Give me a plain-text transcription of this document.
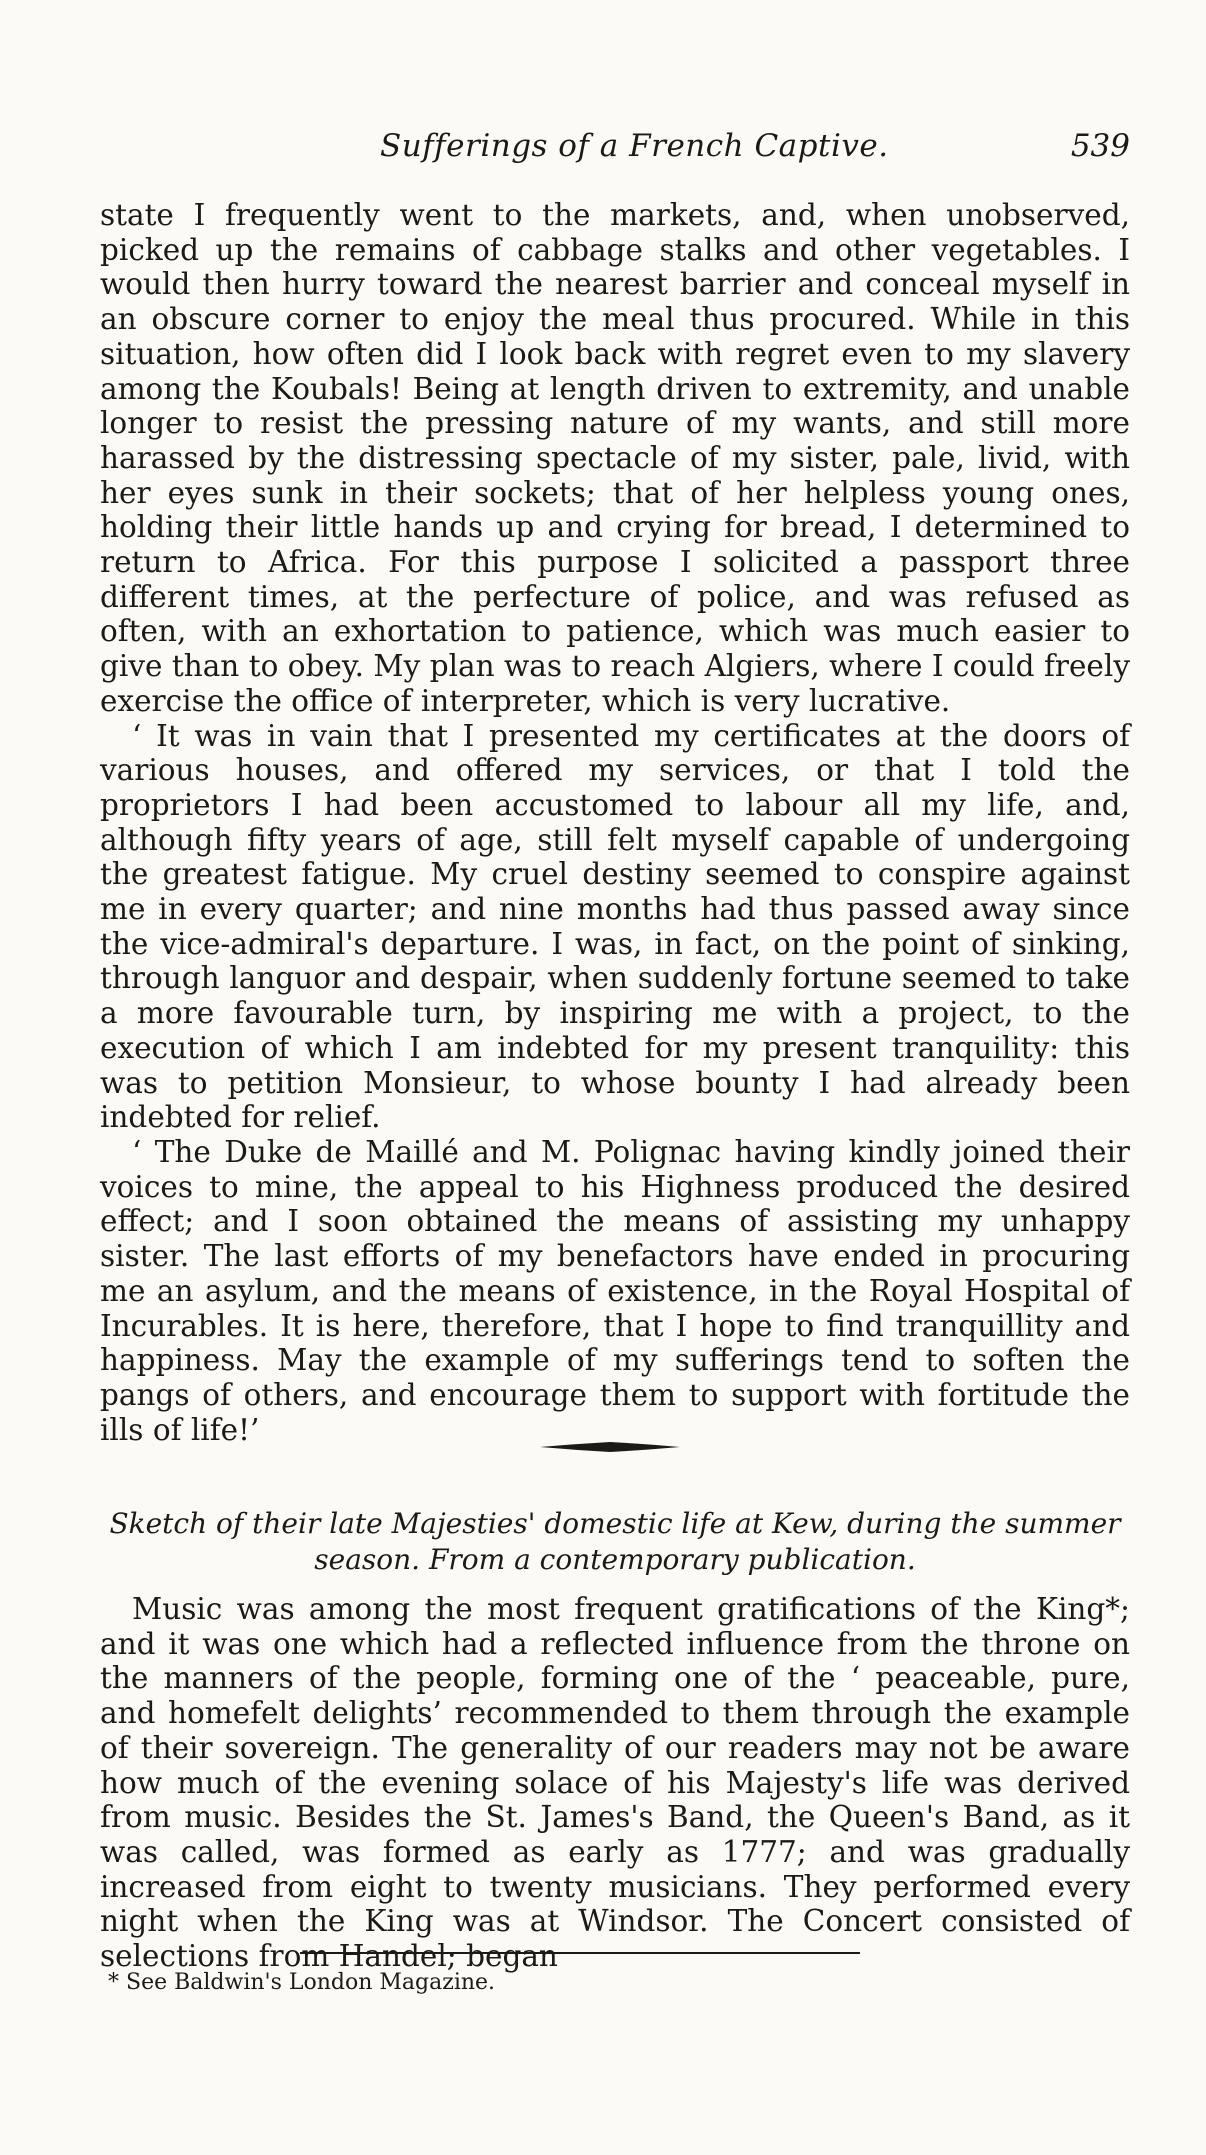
Sufferings of a French Captive.	539

state I frequently went to the markets, and, when unobserved, picked up the remains of cabbage stalks and other vegetables. I would then hurry toward the nearest barrier and conceal myself in an obscure corner to enjoy the meal thus procured. While in this situation, how often did I look back with regret even to my slavery among the Koubals! Being at length driven to extremity, and unable longer to resist the pressing nature of my wants, and still more harassed by the distressing spectacle of my sister, pale, livid, with her eyes sunk in their sockets; that of her helpless young ones, holding their little hands up and crying for bread, I determined to return to Africa. For this purpose I solicited a passport three different times, at the perfecture of police, and was refused as often, with an exhortation to patience, which was much easier to give than to obey. My plan was to reach Algiers, where I could freely exercise the office of interpreter, which is very lucrative.

‘ It was in vain that I presented my certificates at the doors of various houses, and offered my services, or that I told the proprietors I had been accustomed to labour all my life, and, although fifty years of age, still felt myself capable of undergoing the greatest fatigue. My cruel destiny seemed to conspire against me in every quarter; and nine months had thus passed away since the vice-admiral's departure. I was, in fact, on the point of sinking, through languor and despair, when suddenly fortune seemed to take a more favourable turn, by inspiring me with a project, to the execution of which I am indebted for my present tranquility: this was to petition Monsieur, to whose bounty I had already been indebted for relief.

‘ The Duke de Maillé and M. Polignac having kindly joined their voices to mine, the appeal to his Highness produced the desired effect; and I soon obtained the means of assisting my unhappy sister. The last efforts of my benefactors have ended in procuring me an asylum, and the means of existence, in the Royal Hospital of Incurables. It is here, therefore, that I hope to find tranquillity and happiness. May the example of my sufferings tend to soften the pangs of others, and encourage them to support with fortitude the ills of life!’

Sketch of their late Majesties' domestic life at Kew, during the summer season. From a contemporary publication.

Music was among the most frequent gratifications of the King*; and it was one which had a reflected influence from the throne on the manners of the people, forming one of the ‘ peaceable, pure, and homefelt delights’ recommended to them through the example of their sovereign. The generality of our readers may not be aware how much of the evening solace of his Majesty's life was derived from music. Besides the St. James's Band, the Queen's Band, as it was called, was formed as early as 1777; and was gradually increased from eight to twenty musicians. They performed every night when the King was at Windsor. The Concert consisted of selections from Handel; began

* See Baldwin's London Magazine.
